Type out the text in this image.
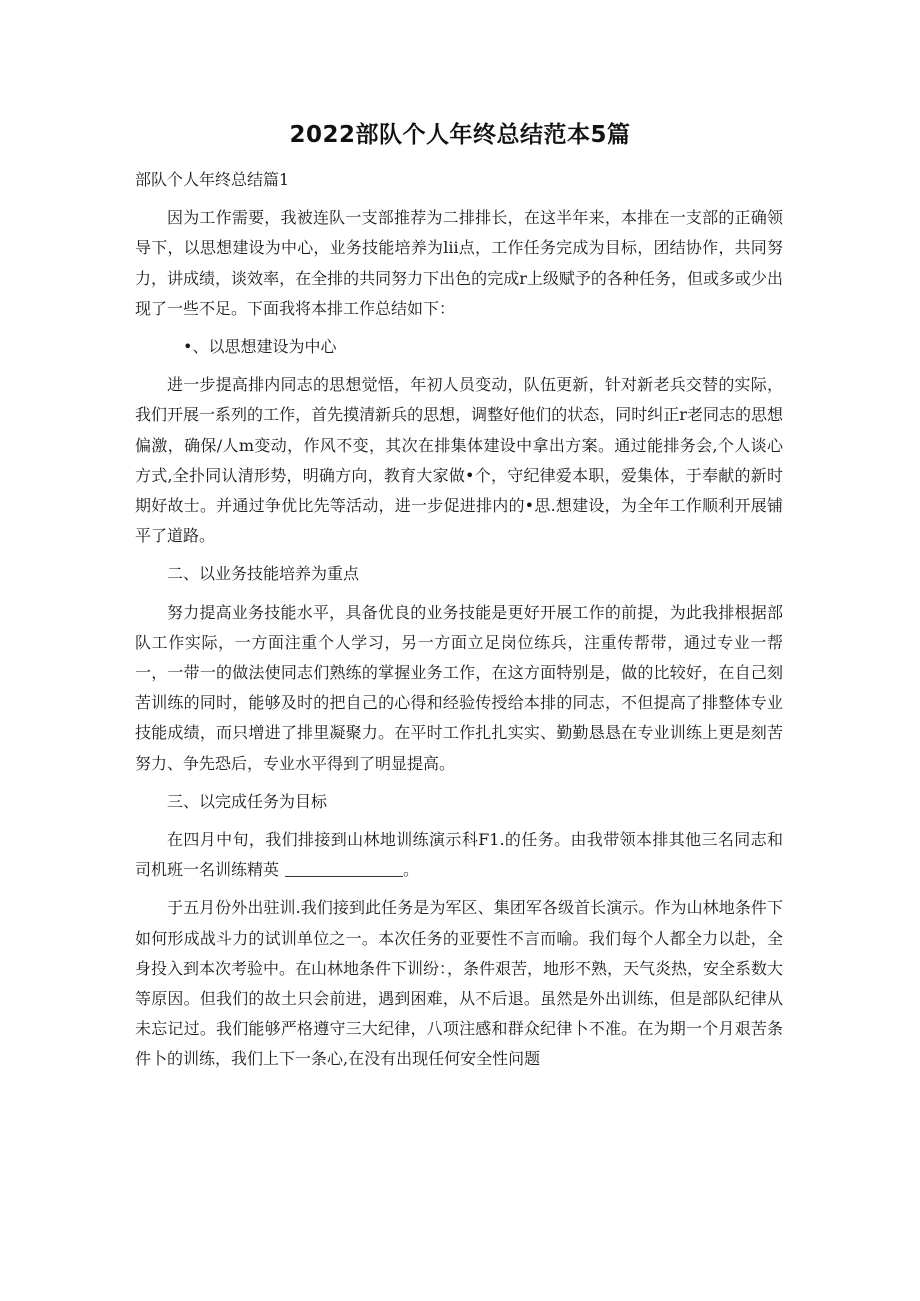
2022部队个人年终总结范本5篇

部队个人年终总结篇1

因为工作需要，我被连队一支部推荐为二排排长，在这半年来，本排在一支部的正确领导下，以思想建设为中心，业务技能培养为lii点，工作任务完成为目标，团结协作，共同努力，讲成绩，谈效率，在全排的共同努力下出色的完成r上级赋予的各种任务，但或多或少出现了一些不足。下面我将本排工作总结如下：

•、以思想建设为中心

进一步提高排内同志的思想觉悟，年初人员变动，队伍更新，针对新老兵交替的实际，我们开展一系列的工作，首先摸清新兵的思想，调整好他们的状态，同时纠正r老同志的思想偏激，确保/人m变动，作风不变，其次在排集体建设中拿出方案。通过能排务会,个人谈心方式,全扑同认清形势，明确方向，教育大家做•个，守纪律爱本职，爱集体，于奉献的新时期好故士。并通过争优比先等活动，进一步促进排内的•思.想建设，为全年工作顺利开展铺平了道路。

二、以业务技能培养为重点

努力提高业务技能水平，具备优良的业务技能是更好开展工作的前提，为此我排根据部队工作实际，一方面注重个人学习，另一方面立足岗位练兵，注重传帮带，通过专业一帮一，一带一的做法使同志们熟练的掌握业务工作，在这方面特别是，做的比较好，在自己刻苦训练的同时，能够及时的把自己的心得和经验传授给本排的同志，不但提高了排整体专业技能成绩，而只增进了排里凝聚力。在平时工作扎扎实实、勤勤恳恳在专业训练上更是刻苦努力、争先恐后，专业水平得到了明显提高。

三、以完成任务为目标

在四月中旬，我们排接到山林地训练演示科F1.的任务。由我带领本排其他三名同志和司机班一名训练精英	。

于五月份外出驻训.我们接到此任务是为军区、集团军各级首长演示。作为山林地条件下如何形成战斗力的试训单位之一。本次任务的亚要性不言而喻。我们每个人都全力以赴，全身投入到本次考验中。在山林地条件下训纷：，条件艰苦，地形不熟，天气炎热，安全系数大等原因。但我们的故土只会前进，遇到困难，从不后退。虽然是外出训练，但是部队纪律从未忘记过。我们能够严格遵守三大纪律，八项注感和群众纪律卜不准。在为期一个月艰苦条件卜的训练，我们上下一条心,在没有出现任何安全性问题
